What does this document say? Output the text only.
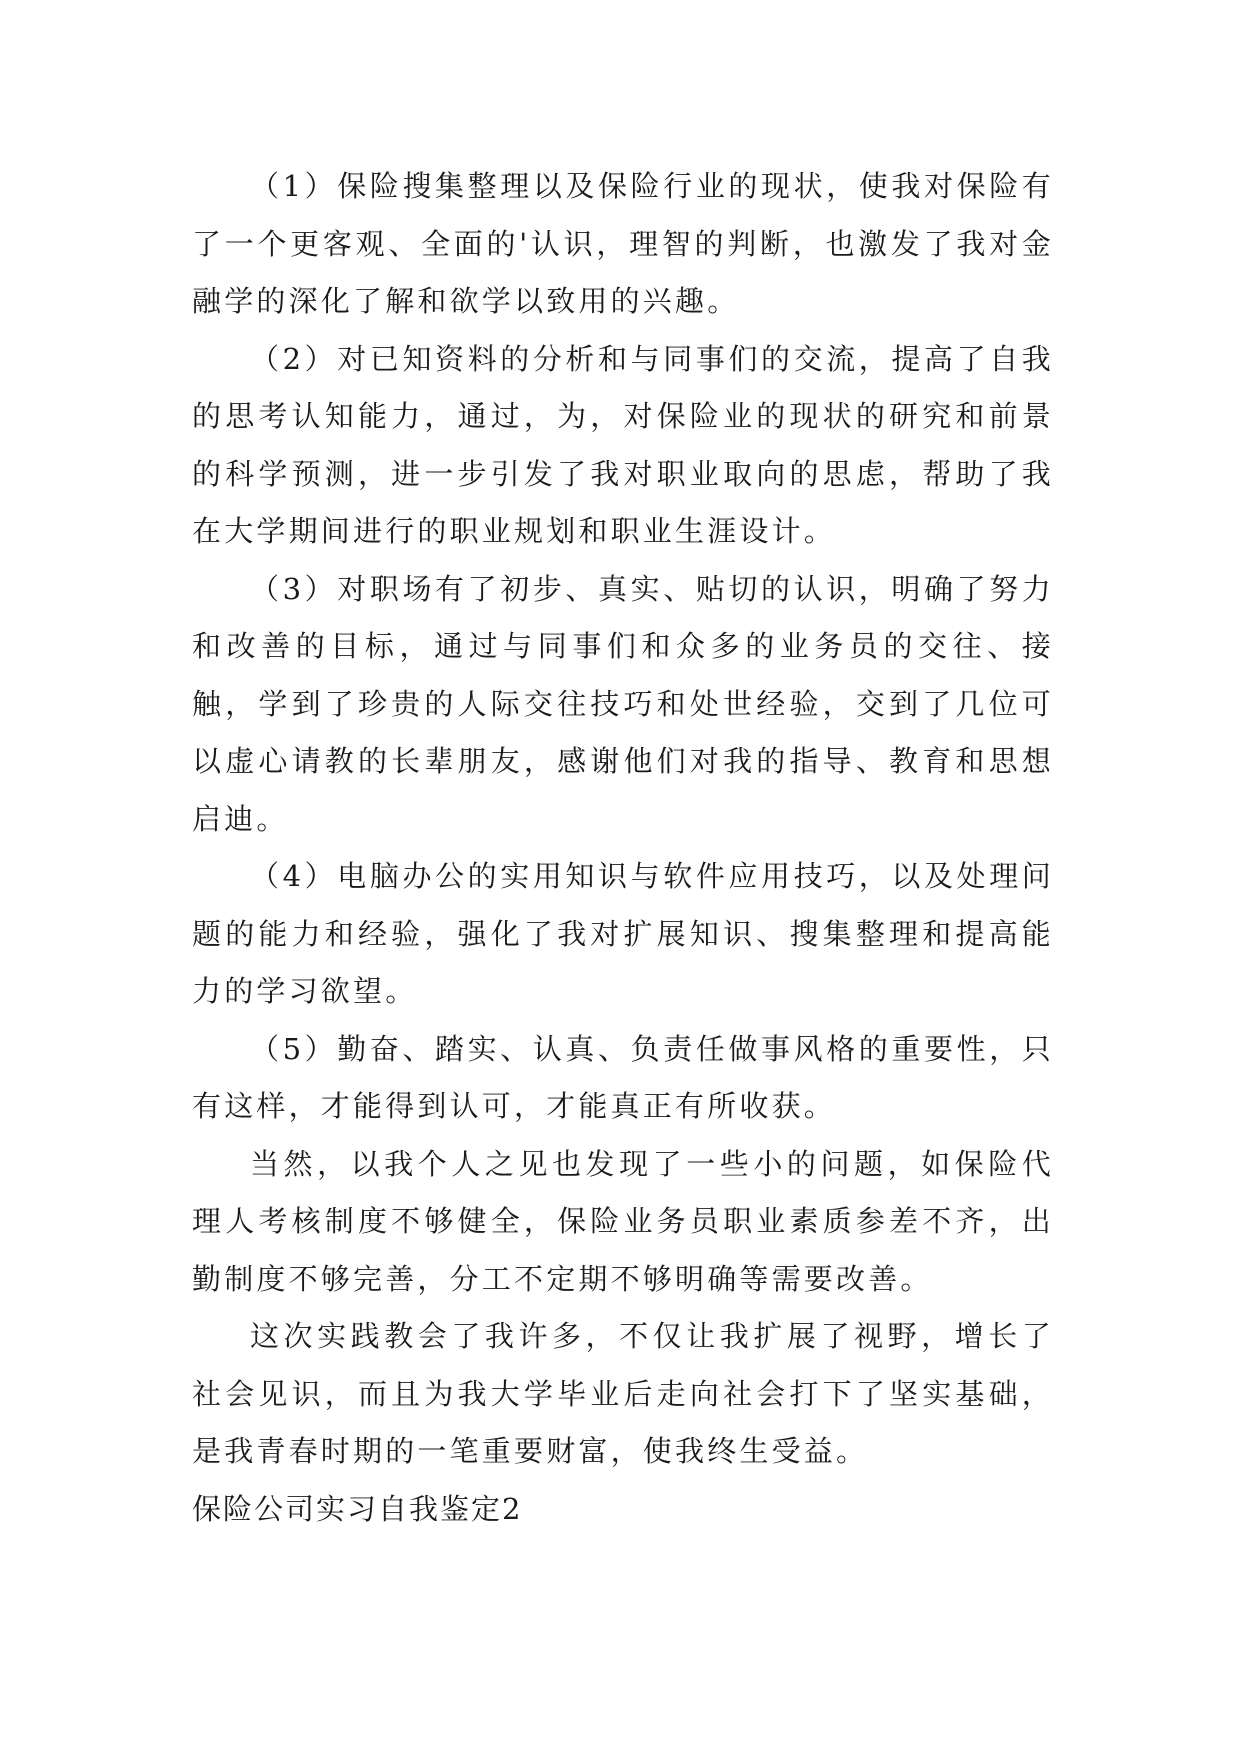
（1）保险搜集整理以及保险行业的现状，使我对保险有了一个更客观、全面的'认识，理智的判断，也激发了我对金融学的深化了解和欲学以致用的兴趣。

（2）对已知资料的分析和与同事们的交流，提高了自我的思考认知能力，通过，为，对保险业的现状的研究和前景的科学预测，进一步引发了我对职业取向的思虑，帮助了我在大学期间进行的职业规划和职业生涯设计。

（3）对职场有了初步、真实、贴切的认识，明确了努力和改善的目标，通过与同事们和众多的业务员的交往、接触，学到了珍贵的人际交往技巧和处世经验，交到了几位可以虚心请教的长辈朋友，感谢他们对我的指导、教育和思想启迪。

（4）电脑办公的实用知识与软件应用技巧，以及处理问题的能力和经验，强化了我对扩展知识、搜集整理和提高能力的学习欲望。

（5）勤奋、踏实、认真、负责任做事风格的重要性，只有这样，才能得到认可，才能真正有所收获。

当然，以我个人之见也发现了一些小的问题，如保险代理人考核制度不够健全，保险业务员职业素质参差不齐，出勤制度不够完善，分工不定期不够明确等需要改善。

这次实践教会了我许多，不仅让我扩展了视野，增长了社会见识，而且为我大学毕业后走向社会打下了坚实基础，是我青春时期的一笔重要财富，使我终生受益。

保险公司实习自我鉴定2
